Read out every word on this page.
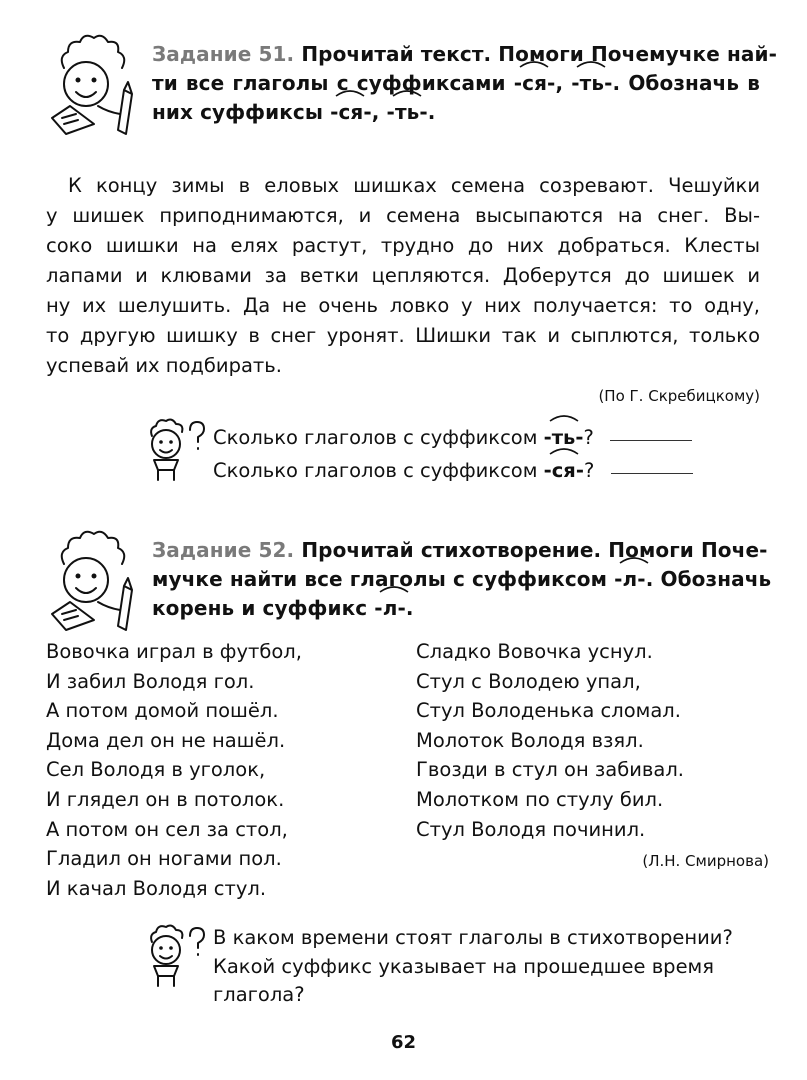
Задание 51. Прочитай текст. Помоги Почемучке най-
ти все глаголы с суффиксами
-ся-,
-ть-. Обозначь в
них суффиксы
-ся-,
-ть-.
К концу зимы в еловых шишках семена созревают. Чешуйки
у шишек приподнимаются, и семена высыпаются на снег. Вы-
соко шишки на елях растут, трудно до них добраться. Клесты
лапами и клювами за ветки цепляются. Доберутся до шишек и
ну их шелушить. Да не очень ловко у них получается: то одну,
то другую шишку в снег уронят. Шишки так и сыплются, только
успевай их подбирать.
(По Г. Скребицкому)
Сколько глаголов с суффиксом
-ть-?
Сколько глаголов с суффиксом
-ся-?
Задание 52. Прочитай стихотворение. Помоги Поче-
мучке найти все глаголы с суффиксом
-л-. Обозначь
корень и суффикс
-л-.
Вовочка играл в футбол,
И забил Володя гол.
А потом домой пошёл.
Дома дел он не нашёл.
Сел Володя в уголок,
И глядел он в потолок.
А потом он сел за стол,
Гладил он ногами пол.
И качал Володя стул.
Сладко Вовочка уснул.
Стул с Володею упал,
Стул Володенька сломал.
Молоток Володя взял.
Гвозди в стул он забивал.
Молотком по стулу бил.
Стул Володя починил.
(Л.Н. Смирнова)
В каком времени стоят глаголы в стихотворении?
Какой суффикс указывает на прошедшее время
глагола?
62
